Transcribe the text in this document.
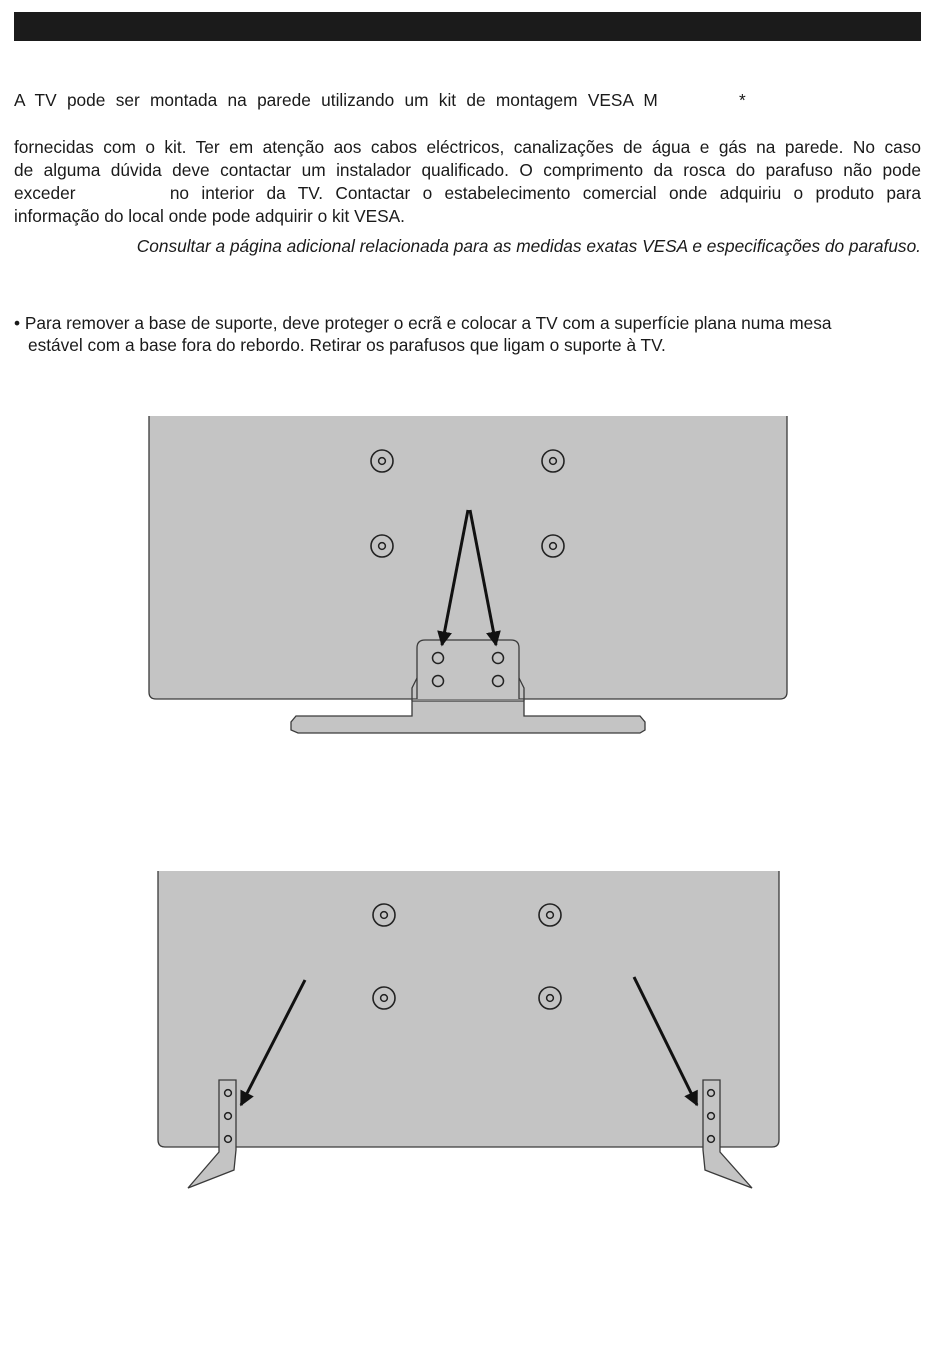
A TV pode ser montada na parede utilizando um kit de montagem VESA M	*
fornecidas com o kit. Ter em atenção aos cabos eléctricos, canalizações de água e gás na parede. No caso
de alguma dúvida deve contactar um instalador qualificado. O comprimento da rosca do parafuso não pode
exceder	no interior da TV. Contactar o estabelecimento comercial onde adquiriu o produto para
informação do local onde pode adquirir o kit VESA.
Consultar a página adicional relacionada para as medidas exatas VESA e especificações do parafuso.
• Para remover a base de suporte, deve proteger o ecrã e colocar a TV com a superfície plana numa mesa
estável com a base fora do rebordo. Retirar os parafusos que ligam o suporte à TV.
